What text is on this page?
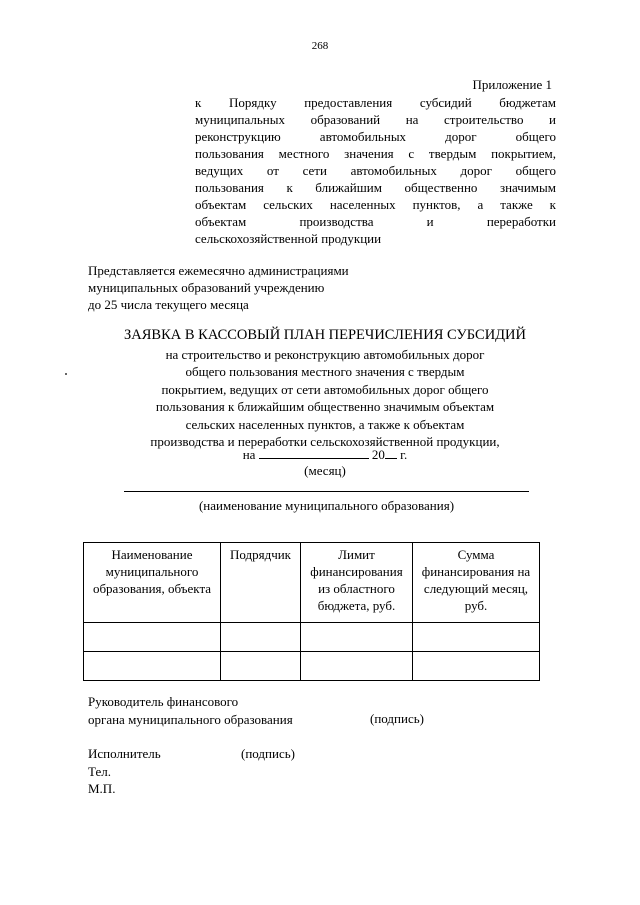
268
Приложение 1
к Порядку предоставления субсидий бюджетам
муниципальных образований на строительство и
реконструкцию автомобильных дорог общего
пользования местного значения с твердым покрытием,
ведущих от сети автомобильных дорог общего
пользования к ближайшим общественно значимым
объектам сельских населенных пунктов, а также к
объектам производства и переработки
сельскохозяйственной продукции
Представляется ежемесячно администрациями
муниципальных образований учреждению
до 25 числа текущего месяца
ЗАЯВКА В КАССОВЫЙ ПЛАН ПЕРЕЧИСЛЕНИЯ СУБСИДИЙ
на строительство и реконструкцию автомобильных дорог
общего пользования местного значения с твердым
покрытием, ведущих от сети автомобильных дорог общего
пользования к ближайшим общественно значимым объектам
сельских населенных пунктов, а также к объектам
производства и переработки сельскохозяйственной продукции,
на	20 г.
(месяц)
(наименование муниципального образования)
Наименование муниципального образования, объекта	Подрядчик	Лимит финансирования из областного бюджета, руб.	Сумма финансирования на следующий месяц, руб.

Руководитель финансового
органа муниципального образования	(подпись)
Исполнитель
Тел.
М.П.
(подпись)
